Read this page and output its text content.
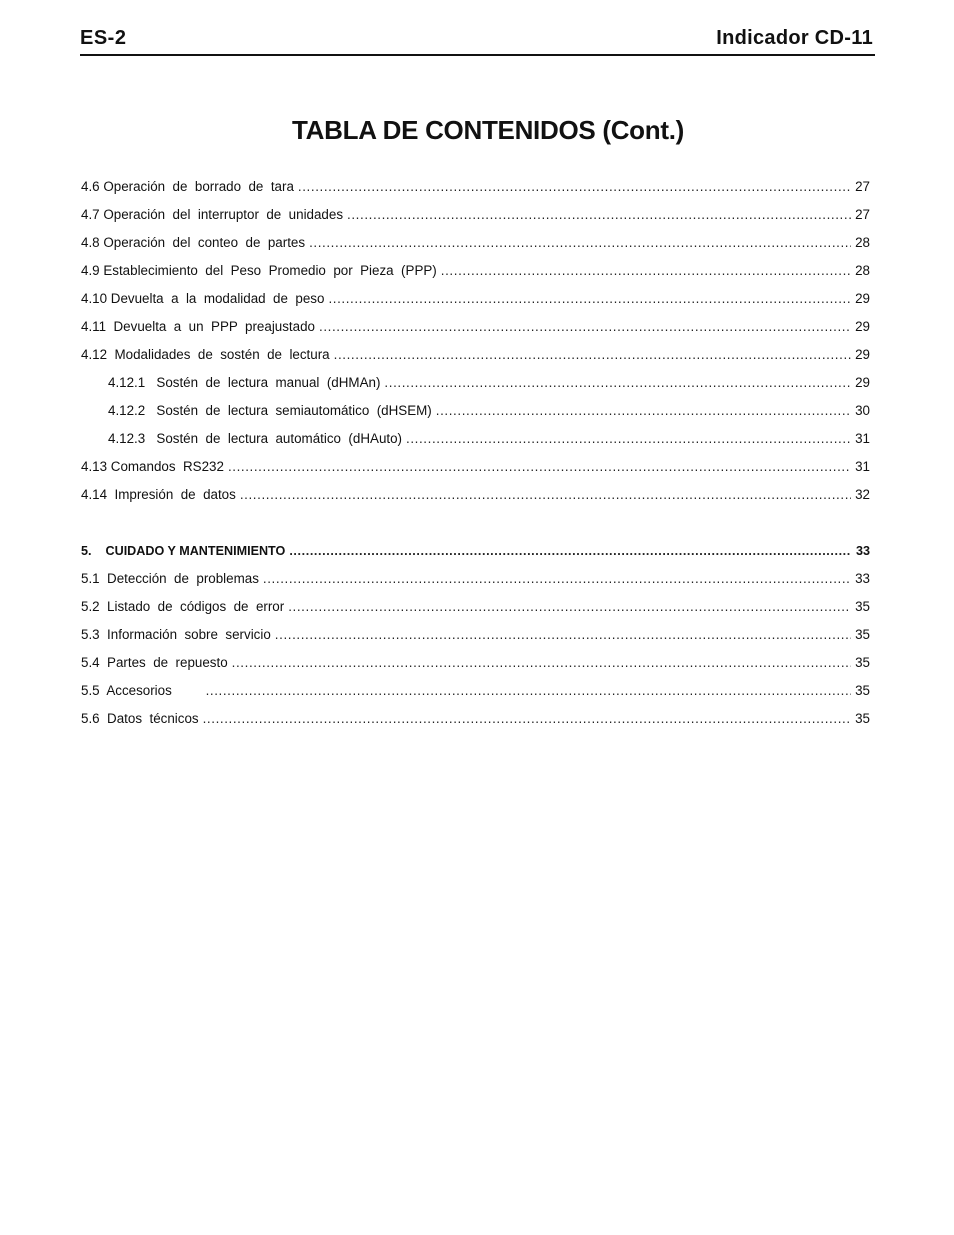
ES-2	Indicador CD-11
TABLA DE CONTENIDOS (Cont.)
4.6 Operación  de  borrado  de  tara .....	27
4.7 Operación  del  interruptor  de  unidades .....	27
4.8 Operación  del  conteo  de  partes .....	28
4.9 Establecimiento  del  Peso  Promedio  por  Pieza  (PPP) .....	28
4.10 Devuelta  a  la  modalidad  de  peso .....	29
4.11  Devuelta  a  un  PPP  preajustado .....	29
4.12  Modalidades  de  sostén  de  lectura .....	29
4.12.1   Sostén  de  lectura  manual  (dHMAn) .....	29
4.12.2   Sostén  de  lectura  semiautomático  (dHSEM) .....	30
4.12.3   Sostén  de  lectura  automático  (dHAuto) .....	31
4.13 Comandos  RS232 .....	31
4.14  Impresión  de  datos .....	32
5.    CUIDADO Y MANTENIMIENTO .....	33
5.1  Detección  de  problemas .....	33
5.2  Listado  de  códigos  de  error .....	35
5.3  Información  sobre  servicio .....	35
5.4  Partes  de  repuesto .....	35
5.5  Accesorios .....	35
5.6  Datos  técnicos .....	35
